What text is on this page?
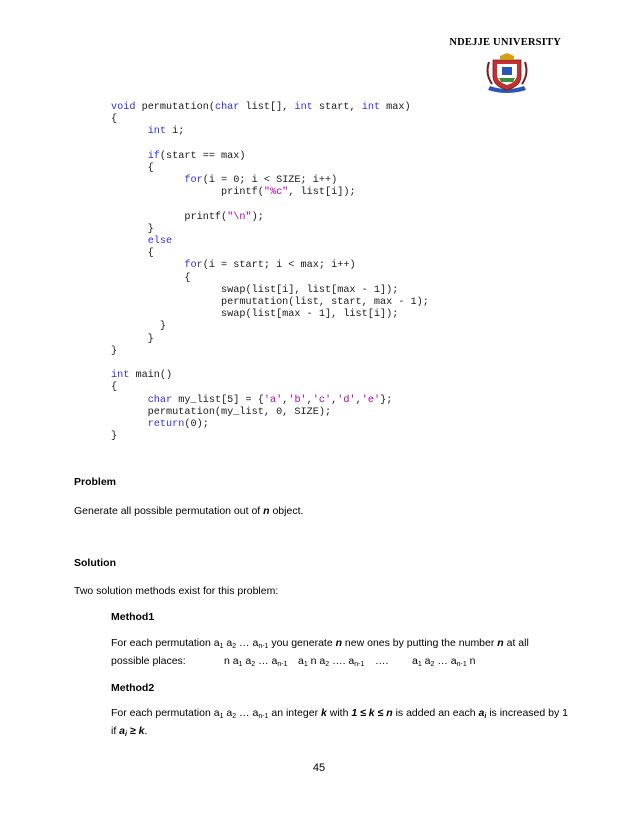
NDEJJE UNIVERSITY
void permutation(char list[], int start, int max)
{
int i;
if(start == max)
{
for(i = 0; i < SIZE; i++)
printf("%c", list[i]);
printf("\n");
}
else
{
for(i = start; i < max; i++)
{
swap(list[i], list[max - 1]);
permutation(list, start, max - 1);
swap(list[max - 1], list[i]);
}
}
}
int main()
{
char my_list[5] = {'a','b','c','d','e'};
permutation(my_list, 0, SIZE);
return(0);
}
Problem
Generate all possible permutation out of n object.
Solution
Two solution methods exist for this problem:
Method1
For each permutation $a_1$ $a_2$ … $a_{n-1}$ you generate n new ones by putting the number n at all
possible places:	n $a_1$ $a_2$ … $a_{n-1}$ $a_1$ n $a_2$ …. $a_{n-1}$ …. $a_1$ $a_2$ … $a_{n-1}$ n
Method2
For each permutation $a_1$ $a_2$ … $a_{n-1}$ an integer k with 1 ≤ k ≤ n is added an each $a_i$ is increased by 1
if $a_i \ge k$.
45
